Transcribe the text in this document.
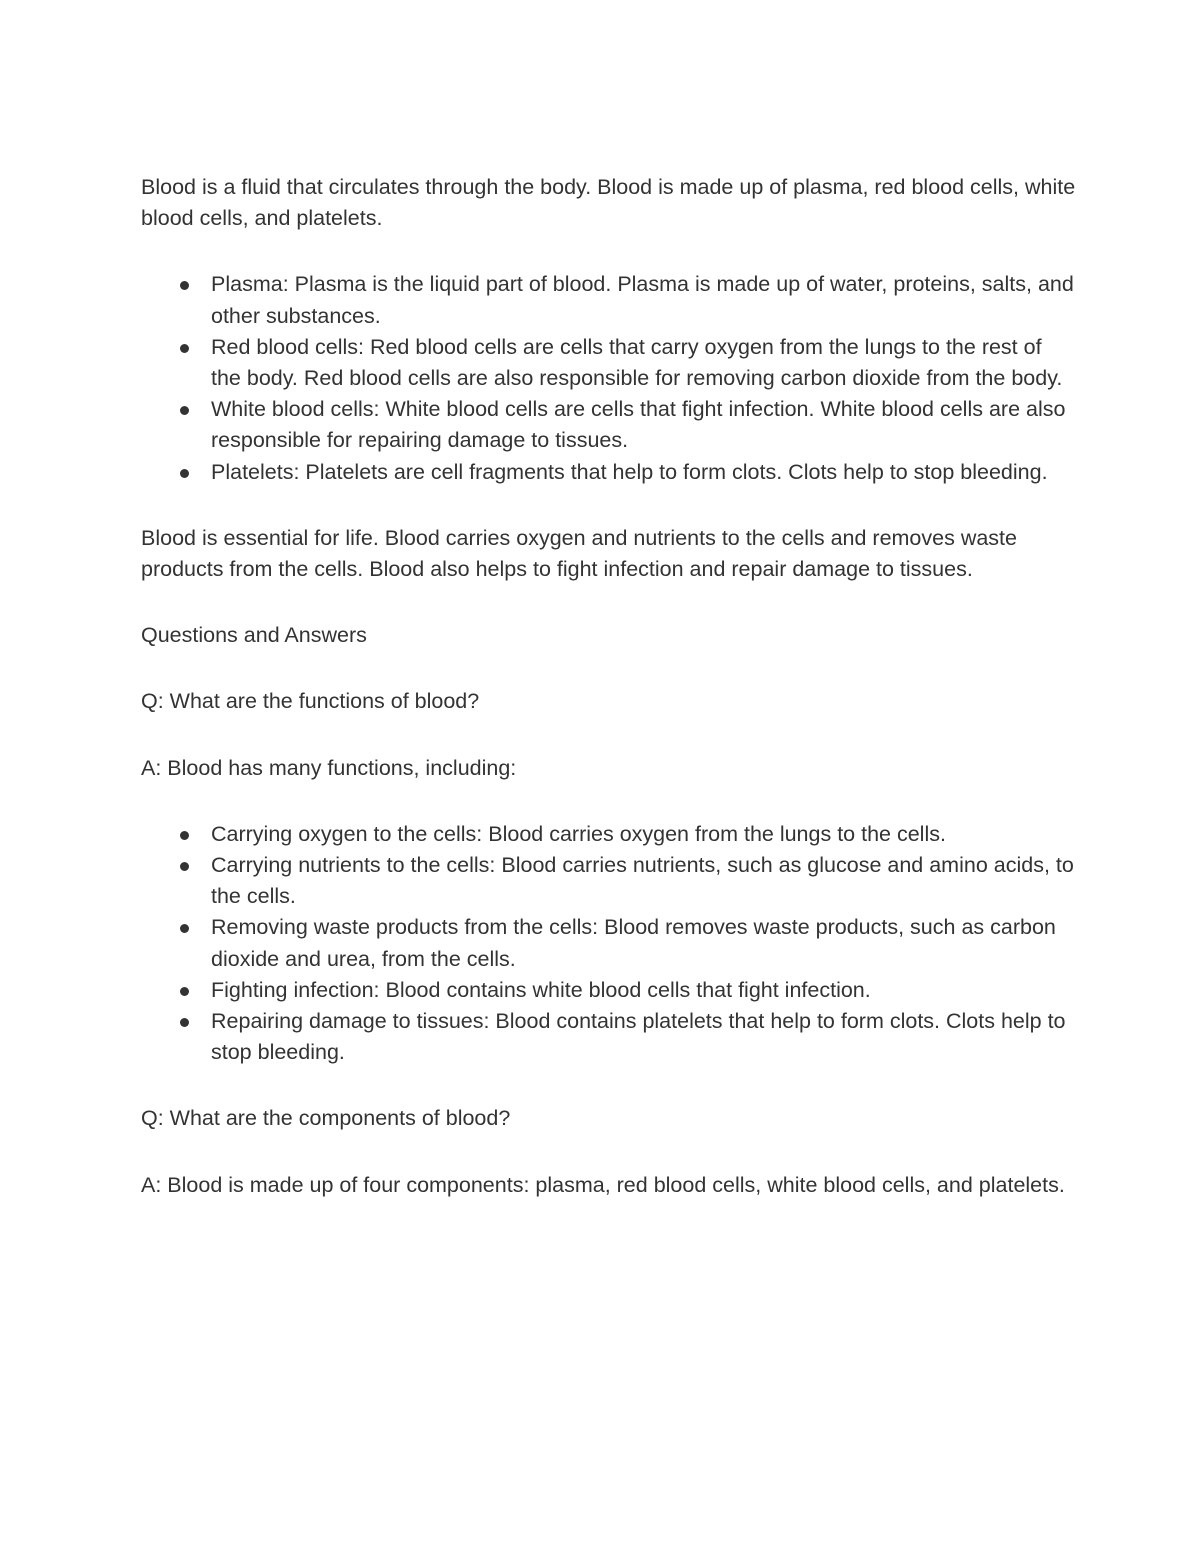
Blood is a fluid that circulates through the body. Blood is made up of plasma, red blood cells, white blood cells, and platelets.

Plasma: Plasma is the liquid part of blood. Plasma is made up of water, proteins, salts, and other substances.
Red blood cells: Red blood cells are cells that carry oxygen from the lungs to the rest of the body. Red blood cells are also responsible for removing carbon dioxide from the body.
White blood cells: White blood cells are cells that fight infection. White blood cells are also responsible for repairing damage to tissues.
Platelets: Platelets are cell fragments that help to form clots. Clots help to stop bleeding.

Blood is essential for life. Blood carries oxygen and nutrients to the cells and removes waste products from the cells. Blood also helps to fight infection and repair damage to tissues.

Questions and Answers

Q: What are the functions of blood?

A: Blood has many functions, including:

Carrying oxygen to the cells: Blood carries oxygen from the lungs to the cells.
Carrying nutrients to the cells: Blood carries nutrients, such as glucose and amino acids, to the cells.
Removing waste products from the cells: Blood removes waste products, such as carbon dioxide and urea, from the cells.
Fighting infection: Blood contains white blood cells that fight infection.
Repairing damage to tissues: Blood contains platelets that help to form clots. Clots help to stop bleeding.

Q: What are the components of blood?

A: Blood is made up of four components: plasma, red blood cells, white blood cells, and platelets.
